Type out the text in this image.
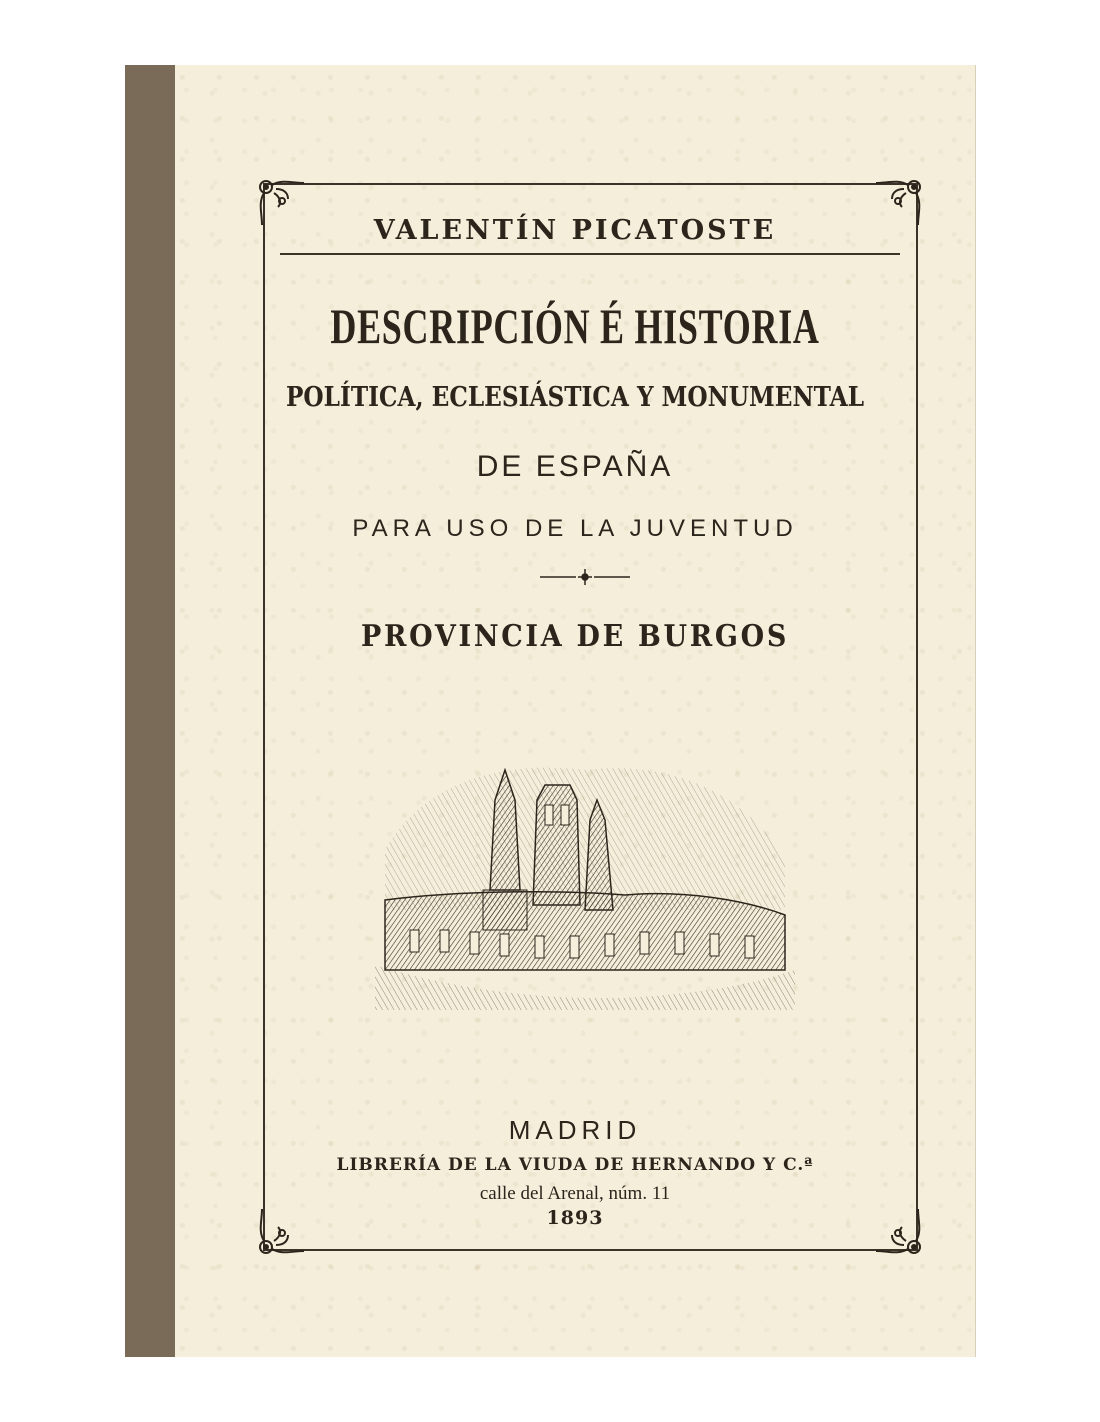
VALENTÍN PICATOSTE
DESCRIPCIÓN É HISTORIA
POLÍTICA, ECLESIÁSTICA Y MONUMENTAL
DE ESPAÑA
PARA USO DE LA JUVENTUD
PROVINCIA DE BURGOS
MADRID
LIBRERÍA DE LA VIUDA DE HERNANDO Y C.ª
calle del Arenal, núm. 11
1893
